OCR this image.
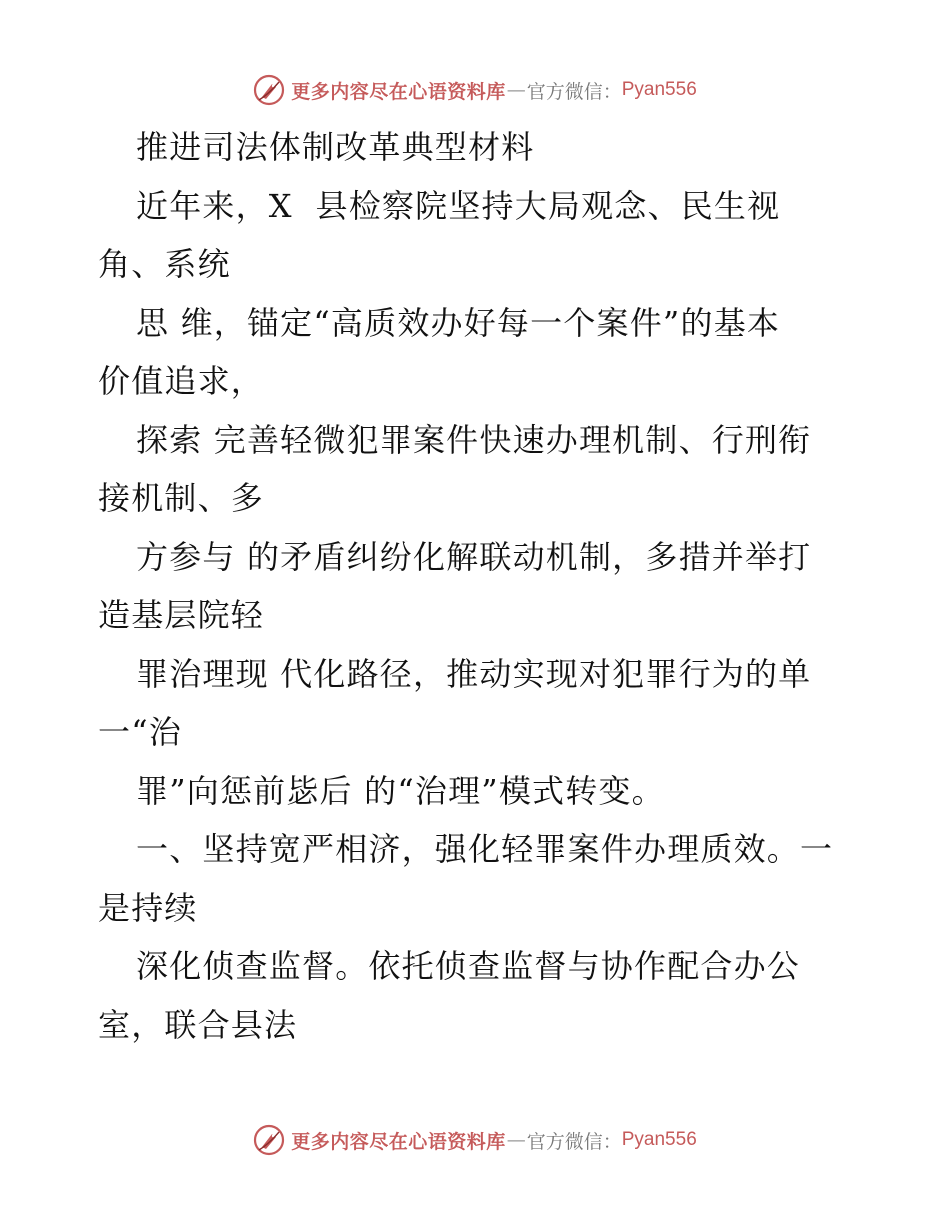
更多内容尽在心语资料库 — 官方微信： Pyan556
推进司法体制改革典型材料
近年来，X  县检察院坚持大局观念、民生视
角、系统
思 维，锚定“高质效办好每一个案件”的基本
价值追求，
探索 完善轻微犯罪案件快速办理机制、行刑衔
接机制、多
方参与 的矛盾纠纷化解联动机制，多措并举打
造基层院轻
罪治理现 代化路径，推动实现对犯罪行为的单
一“治
罪”向惩前毖后 的“治理”模式转变。
一、坚持宽严相济，强化轻罪案件办理质效。一
是持续
深化侦查监督。依托侦查监督与协作配合办公
室，联合县法
更多内容尽在心语资料库 — 官方微信： Pyan556
